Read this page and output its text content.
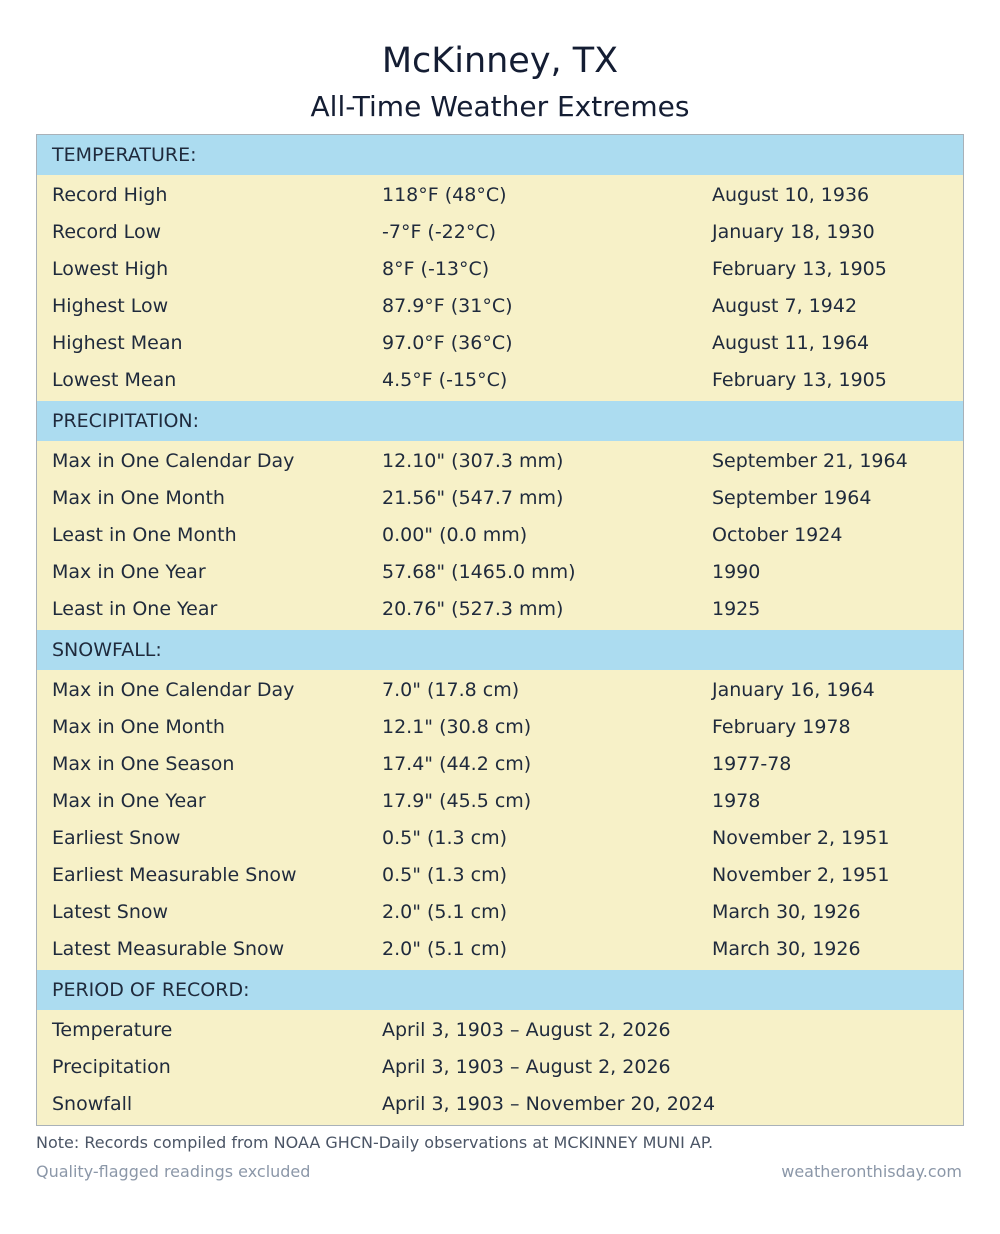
McKinney, TX
All-Time Weather Extremes
TEMPERATURE:
Record High	118°F (48°C)	August 10, 1936
Record Low	-7°F (-22°C)	January 18, 1930
Lowest High	8°F (-13°C)	February 13, 1905
Highest Low	87.9°F (31°C)	August 7, 1942
Highest Mean	97.0°F (36°C)	August 11, 1964
Lowest Mean	4.5°F (-15°C)	February 13, 1905
PRECIPITATION:
Max in One Calendar Day	12.10" (307.3 mm)	September 21, 1964
Max in One Month	21.56" (547.7 mm)	September 1964
Least in One Month	0.00" (0.0 mm)	October 1924
Max in One Year	57.68" (1465.0 mm)	1990
Least in One Year	20.76" (527.3 mm)	1925
SNOWFALL:
Max in One Calendar Day	7.0" (17.8 cm)	January 16, 1964
Max in One Month	12.1" (30.8 cm)	February 1978
Max in One Season	17.4" (44.2 cm)	1977-78
Max in One Year	17.9" (45.5 cm)	1978
Earliest Snow	0.5" (1.3 cm)	November 2, 1951
Earliest Measurable Snow	0.5" (1.3 cm)	November 2, 1951
Latest Snow	2.0" (5.1 cm)	March 30, 1926
Latest Measurable Snow	2.0" (5.1 cm)	March 30, 1926
PERIOD OF RECORD:
Temperature	April 3, 1903 – August 2, 2026
Precipitation	April 3, 1903 – August 2, 2026
Snowfall	April 3, 1903 – November 20, 2024
Note: Records compiled from NOAA GHCN-Daily observations at MCKINNEY MUNI AP.
Quality-flagged readings excluded	weatheronthisday.com
